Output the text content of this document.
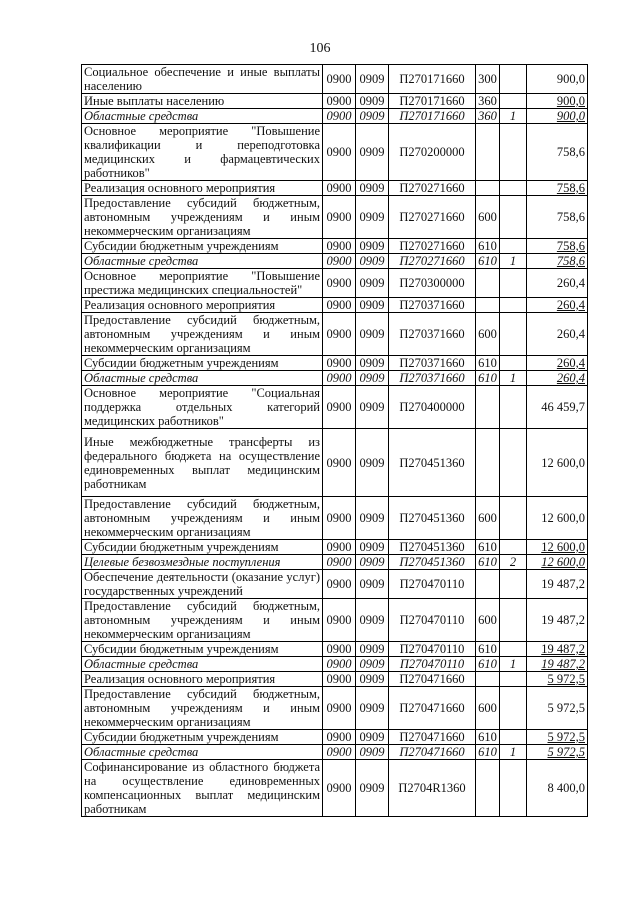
106
Социальное обеспечение и иные выплаты населению	0900	0909	П270171660	300		900,0
Иные выплаты населению	0900	0909	П270171660	360		900,0
Областные средства	0900	0909	П270171660	360	1	900,0
Основное мероприятие "Повышение квалификации и переподготовка медицинских и фармацевтических работников"	0900	0909	П270200000			758,6
Реализация основного мероприятия	0900	0909	П270271660			758,6
Предоставление субсидий бюджетным, автономным учреждениям и иным некоммерческим организациям	0900	0909	П270271660	600		758,6
Субсидии бюджетным учреждениям	0900	0909	П270271660	610		758,6
Областные средства	0900	0909	П270271660	610	1	758,6
Основное мероприятие "Повышение престижа медицинских специальностей"	0900	0909	П270300000			260,4
Реализация основного мероприятия	0900	0909	П270371660			260,4
Предоставление субсидий бюджетным, автономным учреждениям и иным некоммерческим организациям	0900	0909	П270371660	600		260,4
Субсидии бюджетным учреждениям	0900	0909	П270371660	610		260,4
Областные средства	0900	0909	П270371660	610	1	260,4
Основное мероприятие "Социальная поддержка отдельных категорий медицинских работников"	0900	0909	П270400000			46 459,7
Иные межбюджетные трансферты из федерального бюджета на осуществление единовременных выплат медицинским работникам	0900	0909	П270451360			12 600,0
Предоставление субсидий бюджетным, автономным учреждениям и иным некоммерческим организациям	0900	0909	П270451360	600		12 600,0
Субсидии бюджетным учреждениям	0900	0909	П270451360	610		12 600,0
Целевые безвозмездные поступления	0900	0909	П270451360	610	2	12 600,0
Обеспечение деятельности (оказание услуг) государственных учреждений	0900	0909	П270470110			19 487,2
Предоставление субсидий бюджетным, автономным учреждениям и иным некоммерческим организациям	0900	0909	П270470110	600		19 487,2
Субсидии бюджетным учреждениям	0900	0909	П270470110	610		19 487,2
Областные средства	0900	0909	П270470110	610	1	19 487,2
Реализация основного мероприятия	0900	0909	П270471660			5 972,5
Предоставление субсидий бюджетным, автономным учреждениям и иным некоммерческим организациям	0900	0909	П270471660	600		5 972,5
Субсидии бюджетным учреждениям	0900	0909	П270471660	610		5 972,5
Областные средства	0900	0909	П270471660	610	1	5 972,5
Софинансирование из областного бюджета на осуществление единовременных компенсационных выплат медицинским работникам	0900	0909	П2704R1360			8 400,0
